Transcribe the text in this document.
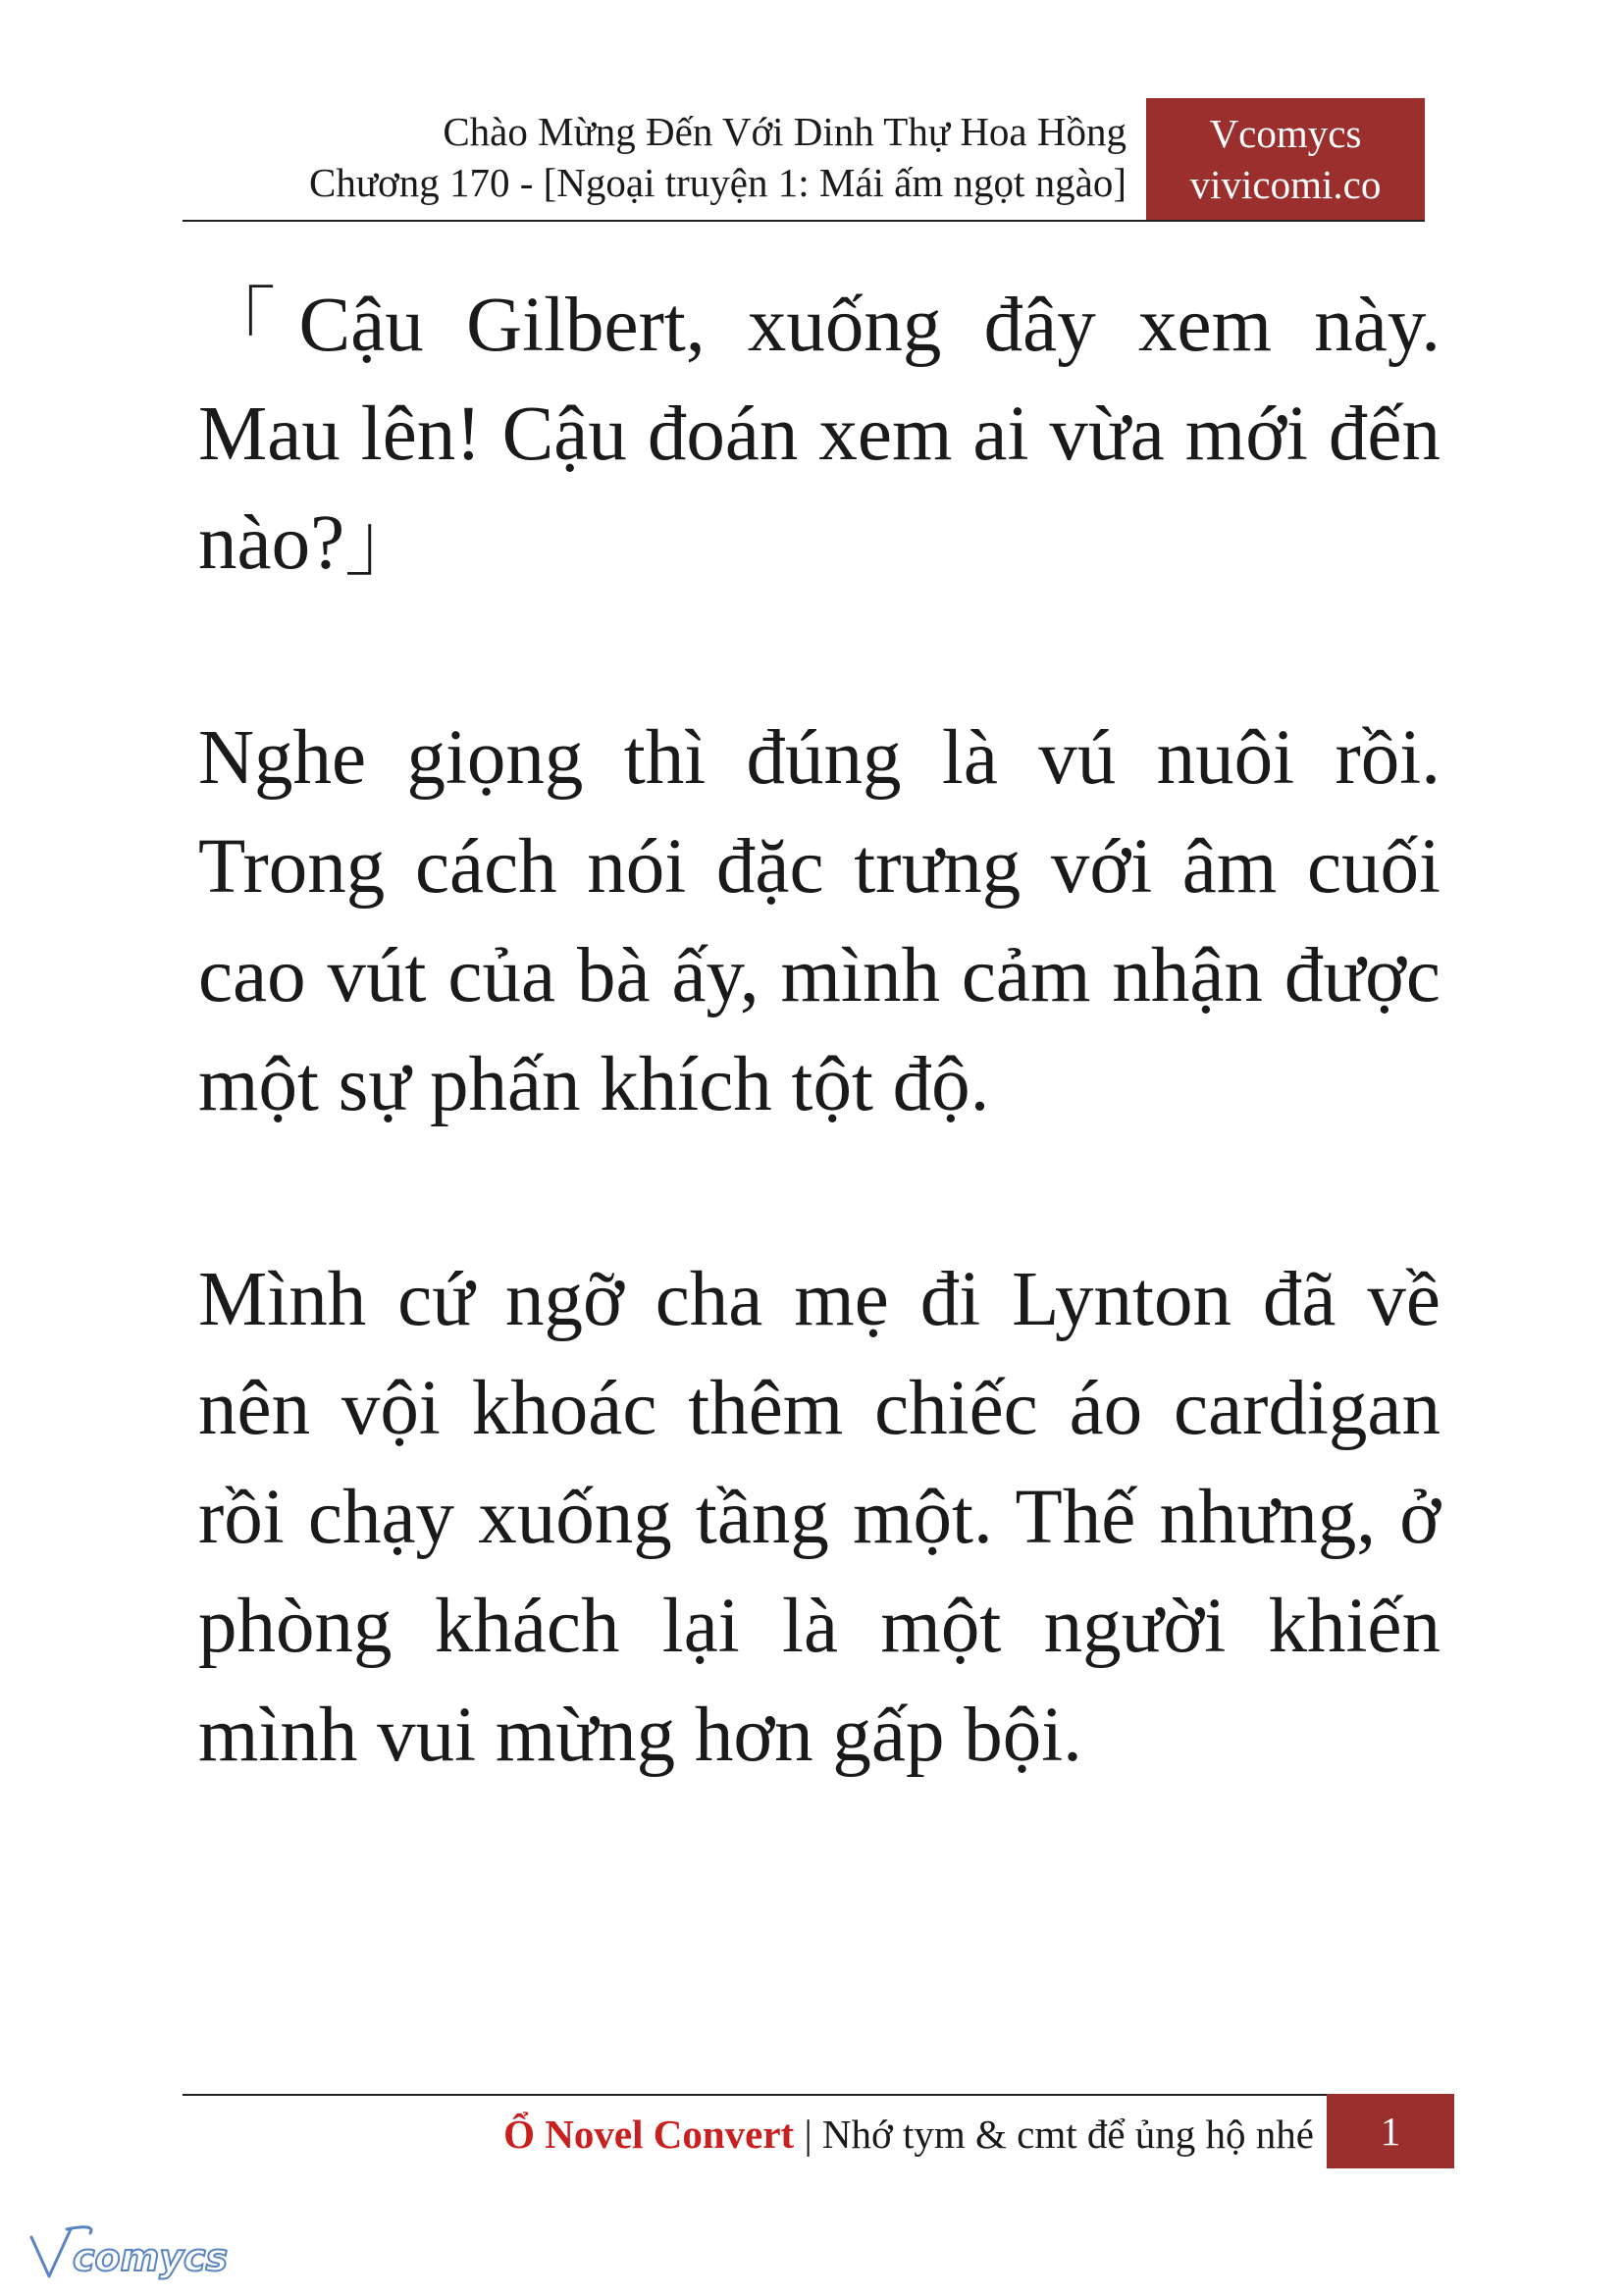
Chào Mừng Đến Với Dinh Thự Hoa Hồng
Chương 170 - [Ngoại truyện 1: Mái ấm ngọt ngào]
Vcomycs
vivicomi.co

「Cậu Gilbert, xuống đây xem này. Mau lên! Cậu đoán xem ai vừa mới đến nào?」

Nghe giọng thì đúng là vú nuôi rồi. Trong cách nói đặc trưng với âm cuối cao vút của bà ấy, mình cảm nhận được một sự phấn khích tột độ.

Mình cứ ngỡ cha mẹ đi Lynton đã về nên vội khoác thêm chiếc áo cardigan rồi chạy xuống tầng một. Thế nhưng, ở phòng khách lại là một người khiến mình vui mừng hơn gấp bội.

Ổ Novel Convert | Nhớ tym & cmt để ủng hộ nhé	1
comycs
